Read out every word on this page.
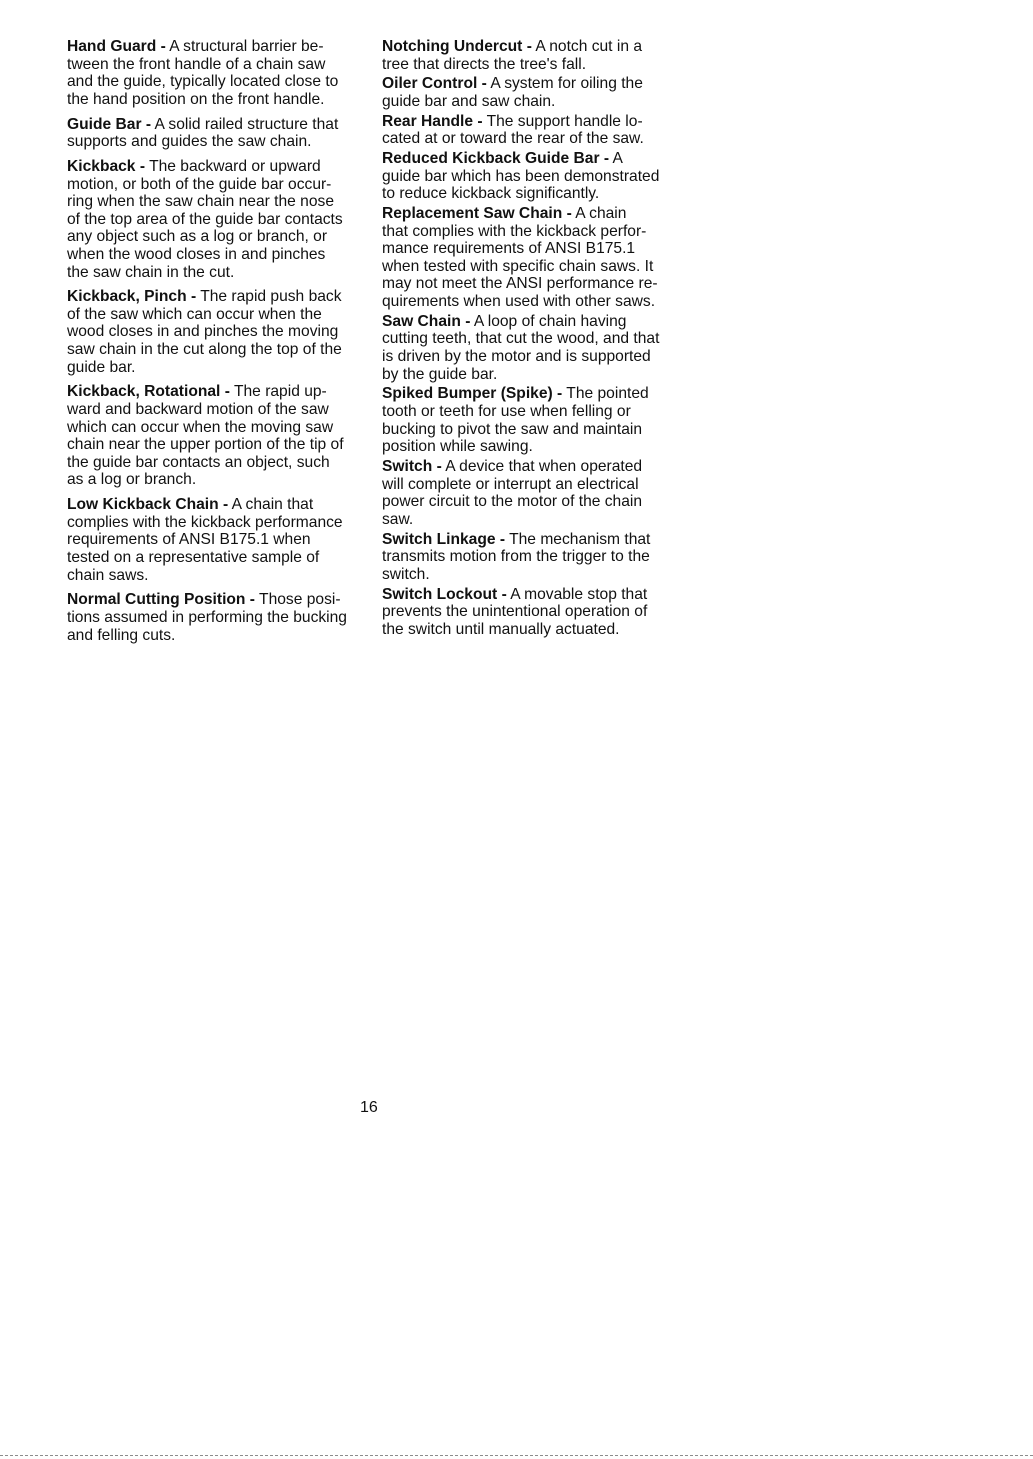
Hand Guard - A structural barrier be-
tween the front handle of a chain saw
and the guide, typically located close to
the hand position on the front handle.
Guide Bar - A solid railed structure that
supports and guides the saw chain.
Kickback - The backward or upward
motion, or both of the guide bar occur-
ring when the saw chain near the nose
of the top area of the guide bar contacts
any object such as a log or branch, or
when the wood closes in and pinches
the saw chain in the cut.
Kickback, Pinch - The rapid push back
of the saw which can occur when the
wood closes in and pinches the moving
saw chain in the cut along the top of the
guide bar.
Kickback, Rotational - The rapid up-
ward and backward motion of the saw
which can occur when the moving saw
chain near the upper portion of the tip of
the guide bar contacts an object, such
as a log or branch.
Low Kickback Chain - A chain that
complies with the kickback performance
requirements of ANSI B175.1 when
tested on a representative sample of
chain saws.
Normal Cutting Position - Those posi-
tions assumed in performing the bucking
and felling cuts.
Notching Undercut - A notch cut in a
tree that directs the tree's fall.
Oiler Control - A system for oiling the
guide bar and saw chain.
Rear Handle - The support handle lo-
cated at or toward the rear of the saw.
Reduced Kickback Guide Bar - A
guide bar which has been demonstrated
to reduce kickback significantly.
Replacement Saw Chain - A chain
that complies with the kickback perfor-
mance requirements of ANSI B175.1
when tested with specific chain saws. It
may not meet the ANSI performance re-
quirements when used with other saws.
Saw Chain - A loop of chain having
cutting teeth, that cut the wood, and that
is driven by the motor and is supported
by the guide bar.
Spiked Bumper (Spike) - The pointed
tooth or teeth for use when felling or
bucking to pivot the saw and maintain
position while sawing.
Switch - A device that when operated
will complete or interrupt an electrical
power circuit to the motor of the chain
saw.
Switch Linkage - The mechanism that
transmits motion from the trigger to the
switch.
Switch Lockout - A movable stop that
prevents the unintentional operation of
the switch until manually actuated.
16
